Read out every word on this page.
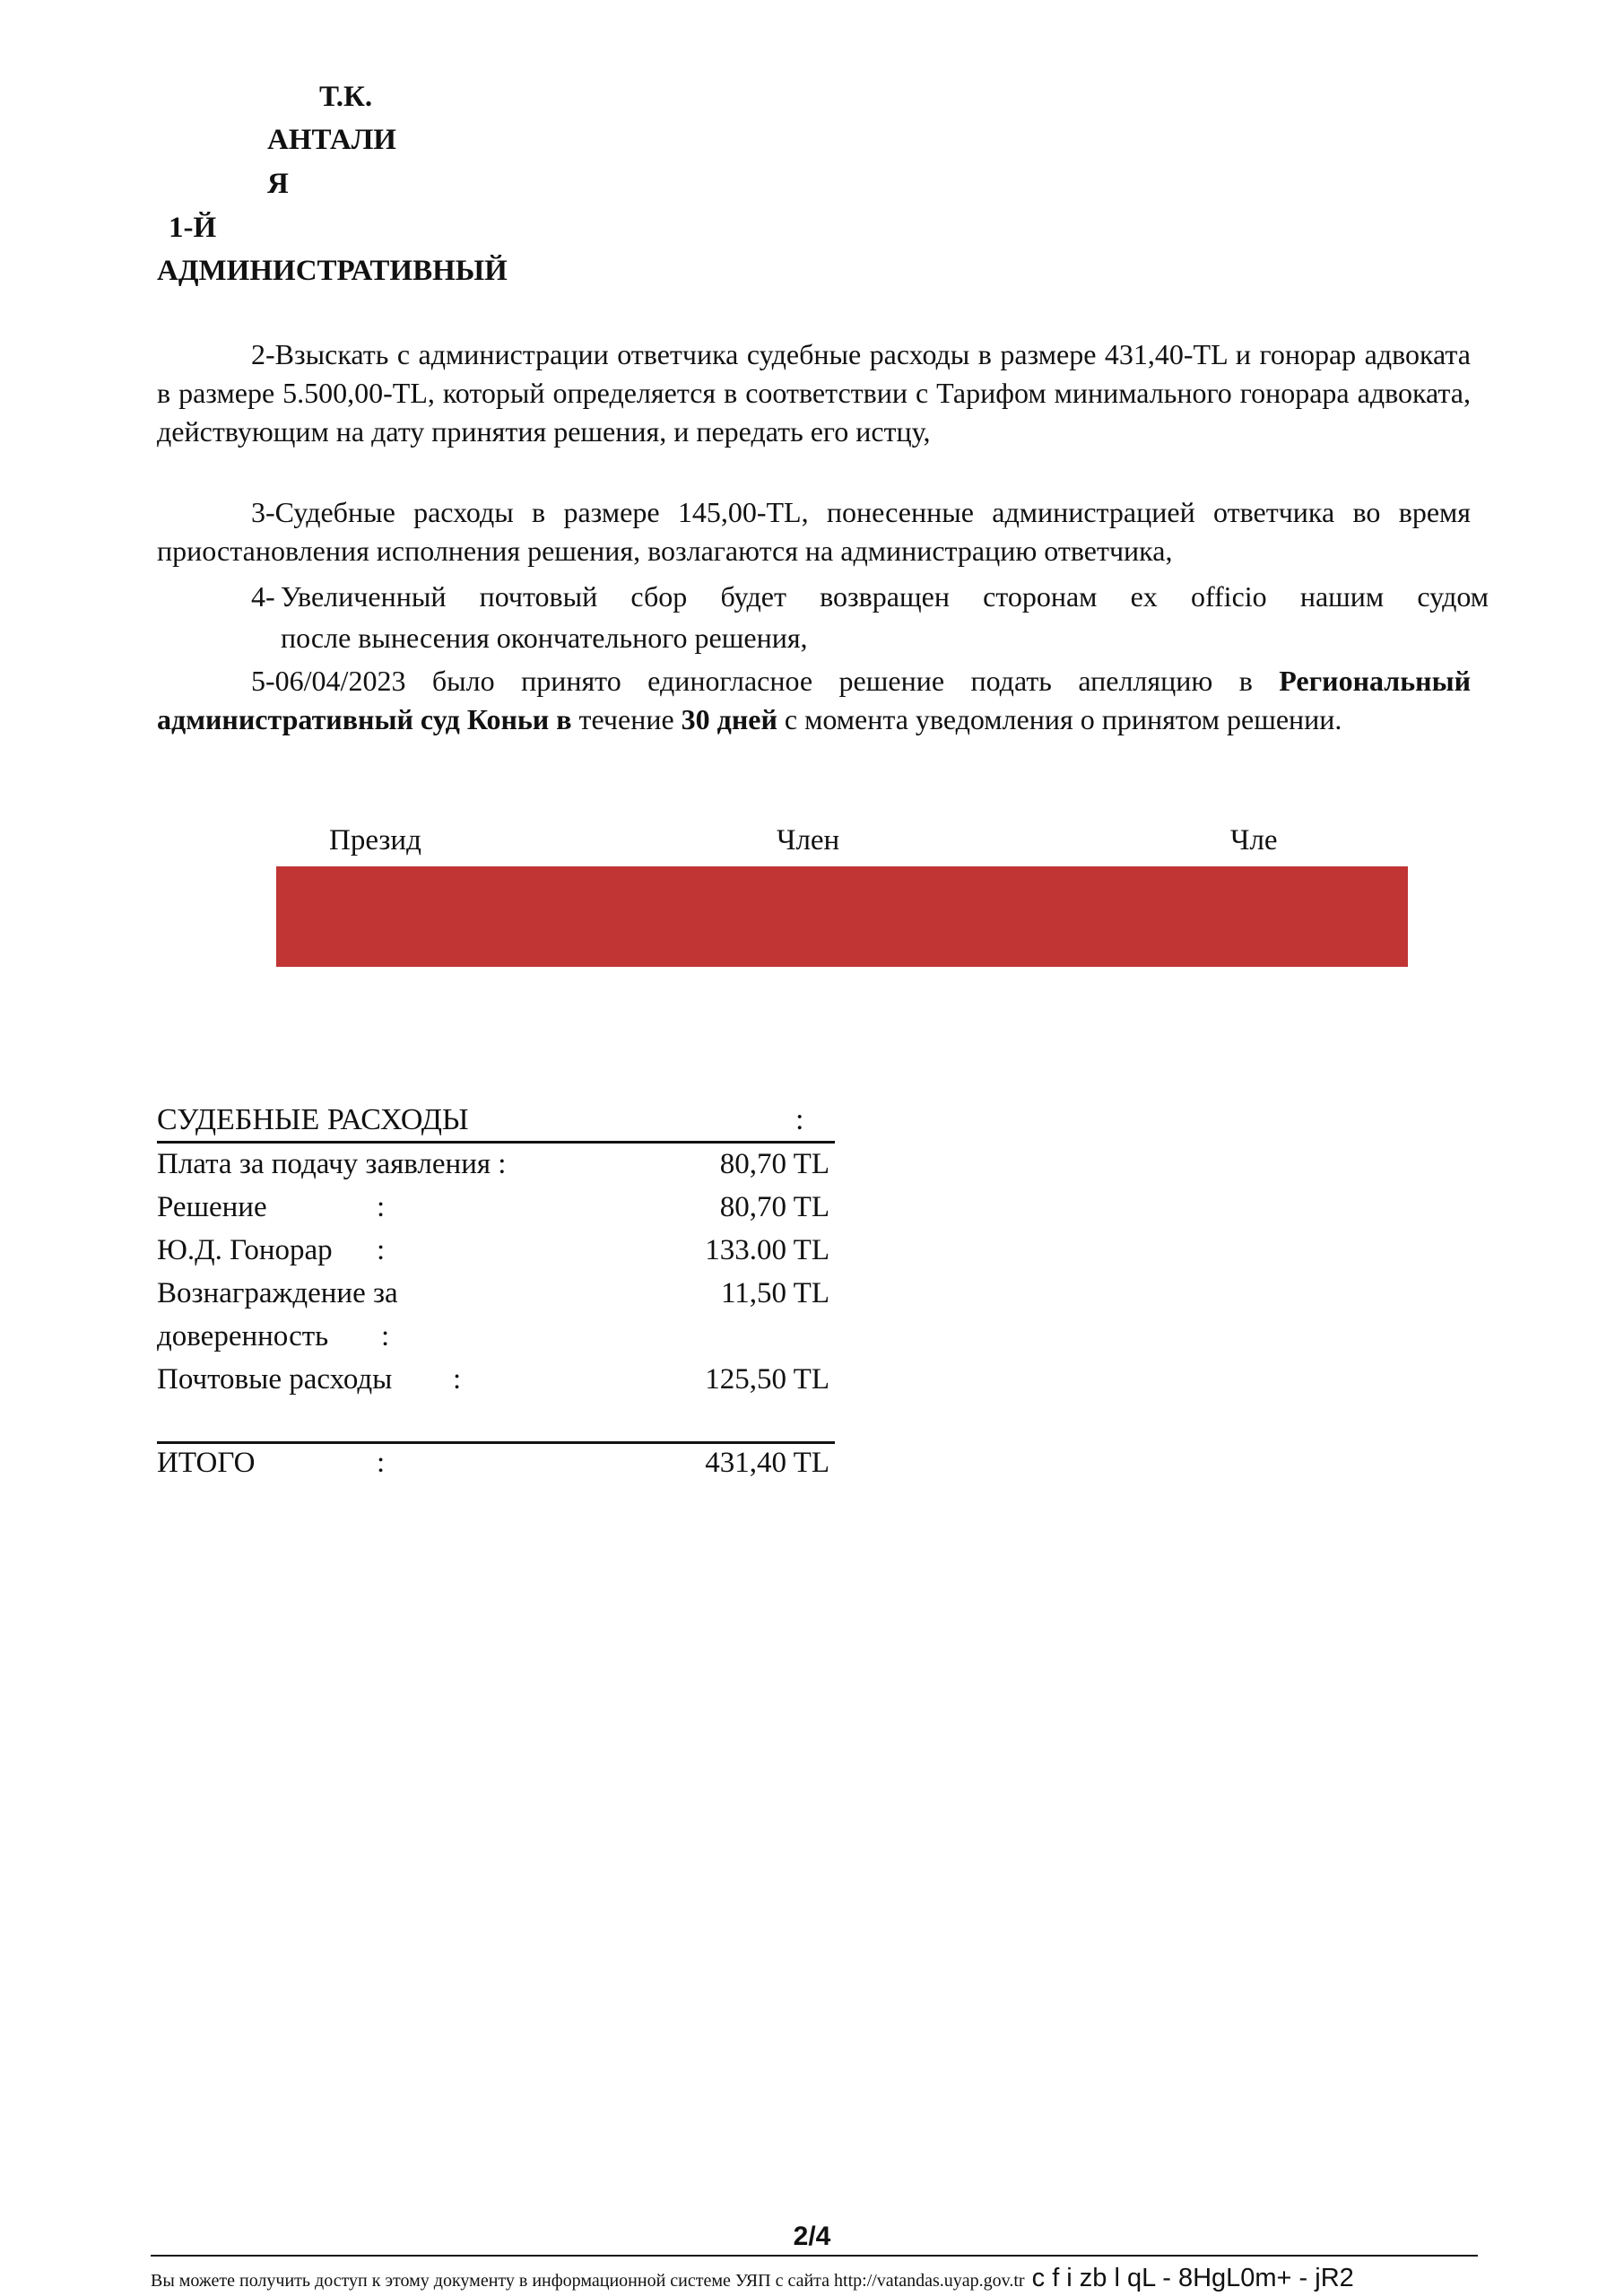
Т.К.
АНТАЛИ
Я
1-Й
АДМИНИСТРАТИВНЫЙ
2-Взыскать с администрации ответчика судебные расходы в размере 431,40-TL и гонорар адвоката в размере 5.500,00-TL, который определяется в соответствии с Тарифом минимального гонорара адвоката, действующим на дату принятия решения, и передать его истцу,
3-Судебные расходы в размере 145,00-TL, понесенные администрацией ответчика во время приостановления исполнения решения, возлагаются на администрацию ответчика,
4- Увеличенный почтовый сбор будет возвращен сторонам ex officio нашим судом
после вынесения окончательного решения,
5-06/04/2023 было принято единогласное решение подать апелляцию в Региональный административный суд Коньи в течение 30 дней с момента уведомления о принятом решении.
Презид	Член	Чле
СУДЕБНЫЕ РАСХОДЫ	:
Плата за подачу заявления :	80,70 TL
Решение	:	80,70 TL
Ю.Д. Гонорар :	133.00 TL
Вознаграждение за	11,50 TL
доверенность :
Почтовые расходы :	125,50 TL
ИТОГО	:	431,40 TL
2/4
Вы можете получить доступ к этому документу в информационной системе УЯП с сайта http://vatandas.uyap.gov.tr c f i zb l qL - 8HgL0m+ - jR2
